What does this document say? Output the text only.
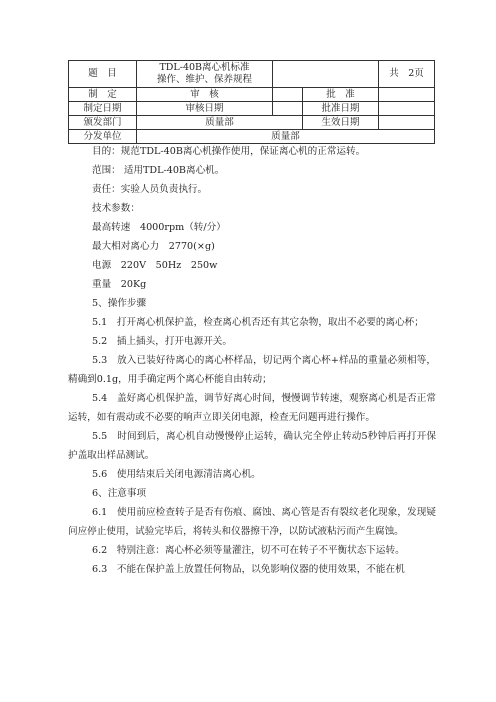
题　目	TDL-40B离心机标准
操作、维护、保养规程			共　2页
制　定	审　核		批　准	
制定日期	审核日期		批准日期	
颁发部门	质量部		生效日期	
分发单位	质量部			

目的：规范TDL-40B离心机操作使用，保证离心机的正常运转。

范围： 适用TDL-40B离心机。

责任：实验人员负责执行。

技术参数：

最高转速　4000rpm（转/分）

最大相对离心力　2770(×g)

电源　220V　50Hz　250w

重量　20Kg

5、操作步骤

5.1　打开离心机保护盖，检查离心机否还有其它杂物，取出不必要的离心杯；

5.2　插上插头，打开电源开关。

5.3　放入已装好待离心的离心杯样品，切记两个离心杯+样品的重量必须相等，精确到0.1g，用手确定两个离心杯能自由转动；

5.4　盖好离心机保护盖，调节好离心时间，慢慢调节转速，观察离心机是否正常运转，如有震动或不必要的响声立即关闭电源，检查无问题再进行操作。

5.5　时间到后，离心机自动慢慢停止运转，确认完全停止转动5秒钟后再打开保护盖取出样品测试。

5.6　使用结束后关闭电源清洁离心机。

6、注意事项

6.1　使用前应检查转子是否有伤痕、腐蚀、离心管是否有裂纹老化现象，发现疑问应停止使用，试验完毕后，将转头和仪器擦干净，以防试液粘污而产生腐蚀。

6.2　特别注意：离心杯必须等量灌注，切不可在转子不平衡状态下运转。

6.3　不能在保护盖上放置任何物品，以免影响仪器的使用效果，不能在机
